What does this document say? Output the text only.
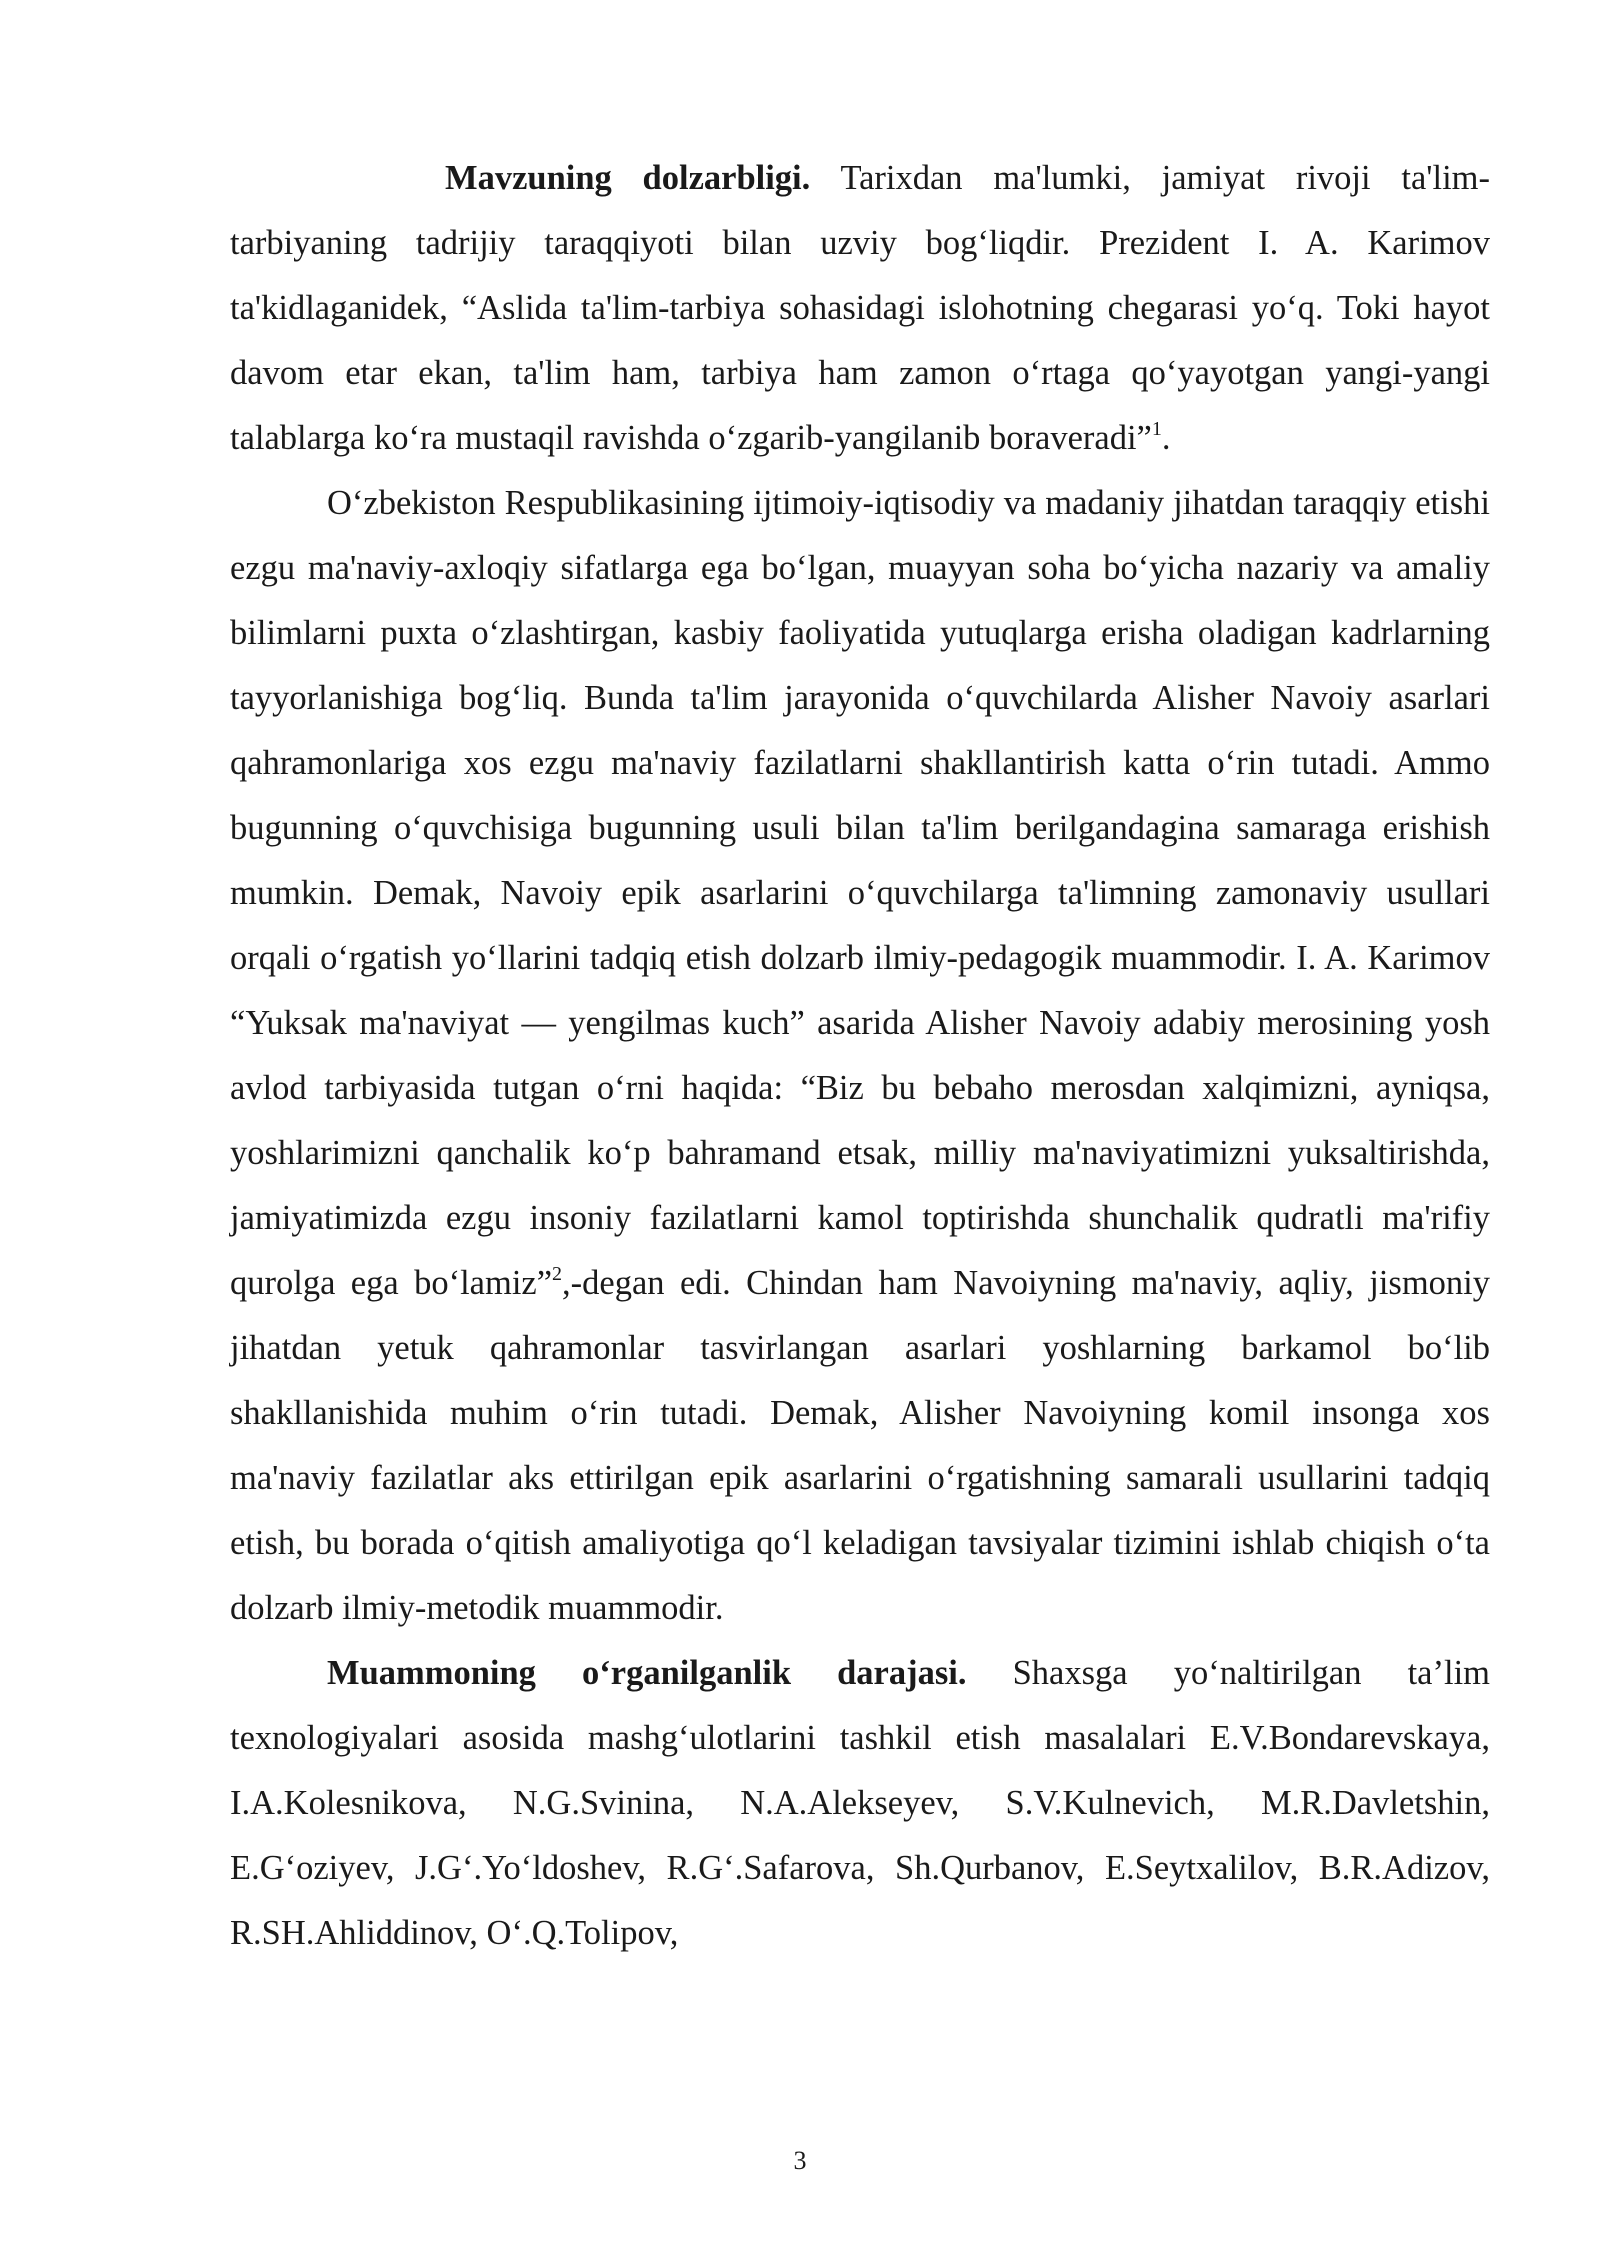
Mavzuning dolzarbligi. Tarixdan ma'lumki, jamiyat rivoji ta'lim-tarbiyaning tadrijiy taraqqiyoti bilan uzviy bog‘liqdir. Prezident I. A. Karimov ta'kidlaganidek, “Aslida ta'lim-tarbiya sohasidagi islohotning chegarasi yo‘q. Toki hayot davom etar ekan, ta'lim ham, tarbiya ham zamon o‘rtaga qo‘yayotgan yangi-yangi talablarga ko‘ra mustaqil ravishda o‘zgarib-yangilanib boraveradi”$^1$.

O‘zbekiston Respublikasining ijtimoiy-iqtisodiy va madaniy jihatdan taraqqiy etishi ezgu ma'naviy-axloqiy sifatlarga ega bo‘lgan, muayyan soha bo‘yicha nazariy va amaliy bilimlarni puxta o‘zlashtirgan, kasbiy faoliyatida yutuqlarga erisha oladigan kadrlarning tayyorlanishiga bog‘liq. Bunda ta'lim jarayonida o‘quvchilarda Alisher Navoiy asarlari qahramonlariga xos ezgu ma'naviy fazilatlarni shakllantirish katta o‘rin tutadi. Ammo bugunning o‘quvchisiga bugunning usuli bilan ta'lim berilgandagina samaraga erishish mumkin. Demak, Navoiy epik asarlarini o‘quvchilarga ta'limning zamonaviy usullari orqali o‘rgatish yo‘llarini tadqiq etish dolzarb ilmiy-pedagogik muammodir. I. A. Karimov “Yuksak ma'naviyat — yengilmas kuch” asarida Alisher Navoiy adabiy merosining yosh avlod tarbiyasida tutgan o‘rni haqida: “Biz bu bebaho merosdan xalqimizni, ayniqsa, yoshlarimizni qanchalik ko‘p bahramand etsak, milliy ma'naviyatimizni yuksaltirishda, jamiyatimizda ezgu insoniy fazilatlarni kamol toptirishda shunchalik qudratli ma'rifiy qurolga ega bo‘lamiz”$^2$,-degan edi. Chindan ham Navoiyning ma'naviy, aqliy, jismoniy jihatdan yetuk qahramonlar tasvirlangan asarlari yoshlarning barkamol bo‘lib shakllanishida muhim o‘rin tutadi. Demak, Alisher Navoiyning komil insonga xos ma'naviy fazilatlar aks ettirilgan epik asarlarini o‘rgatishning samarali usullarini tadqiq etish, bu borada o‘qitish amaliyotiga qo‘l keladigan tavsiyalar tizimini ishlab chiqish o‘ta dolzarb ilmiy-metodik muammodir.

Muammoning o‘rganilganlik darajasi. Shaxsga yo‘naltirilgan ta’lim texnologiyalari asosida mashg‘ulotlarini tashkil etish masalalari E.V.Bondarevskaya, I.A.Kolesnikova, N.G.Svinina, N.A.Alekseyev, S.V.Kulnevich, M.R.Davletshin, E.G‘oziyev, J.G‘.Yo‘ldoshev, R.G‘.Safarova, Sh.Qurbanov, E.Seytxalilov, B.R.Adizov, R.SH.Ahliddinov, O‘.Q.Tolipov,

3
